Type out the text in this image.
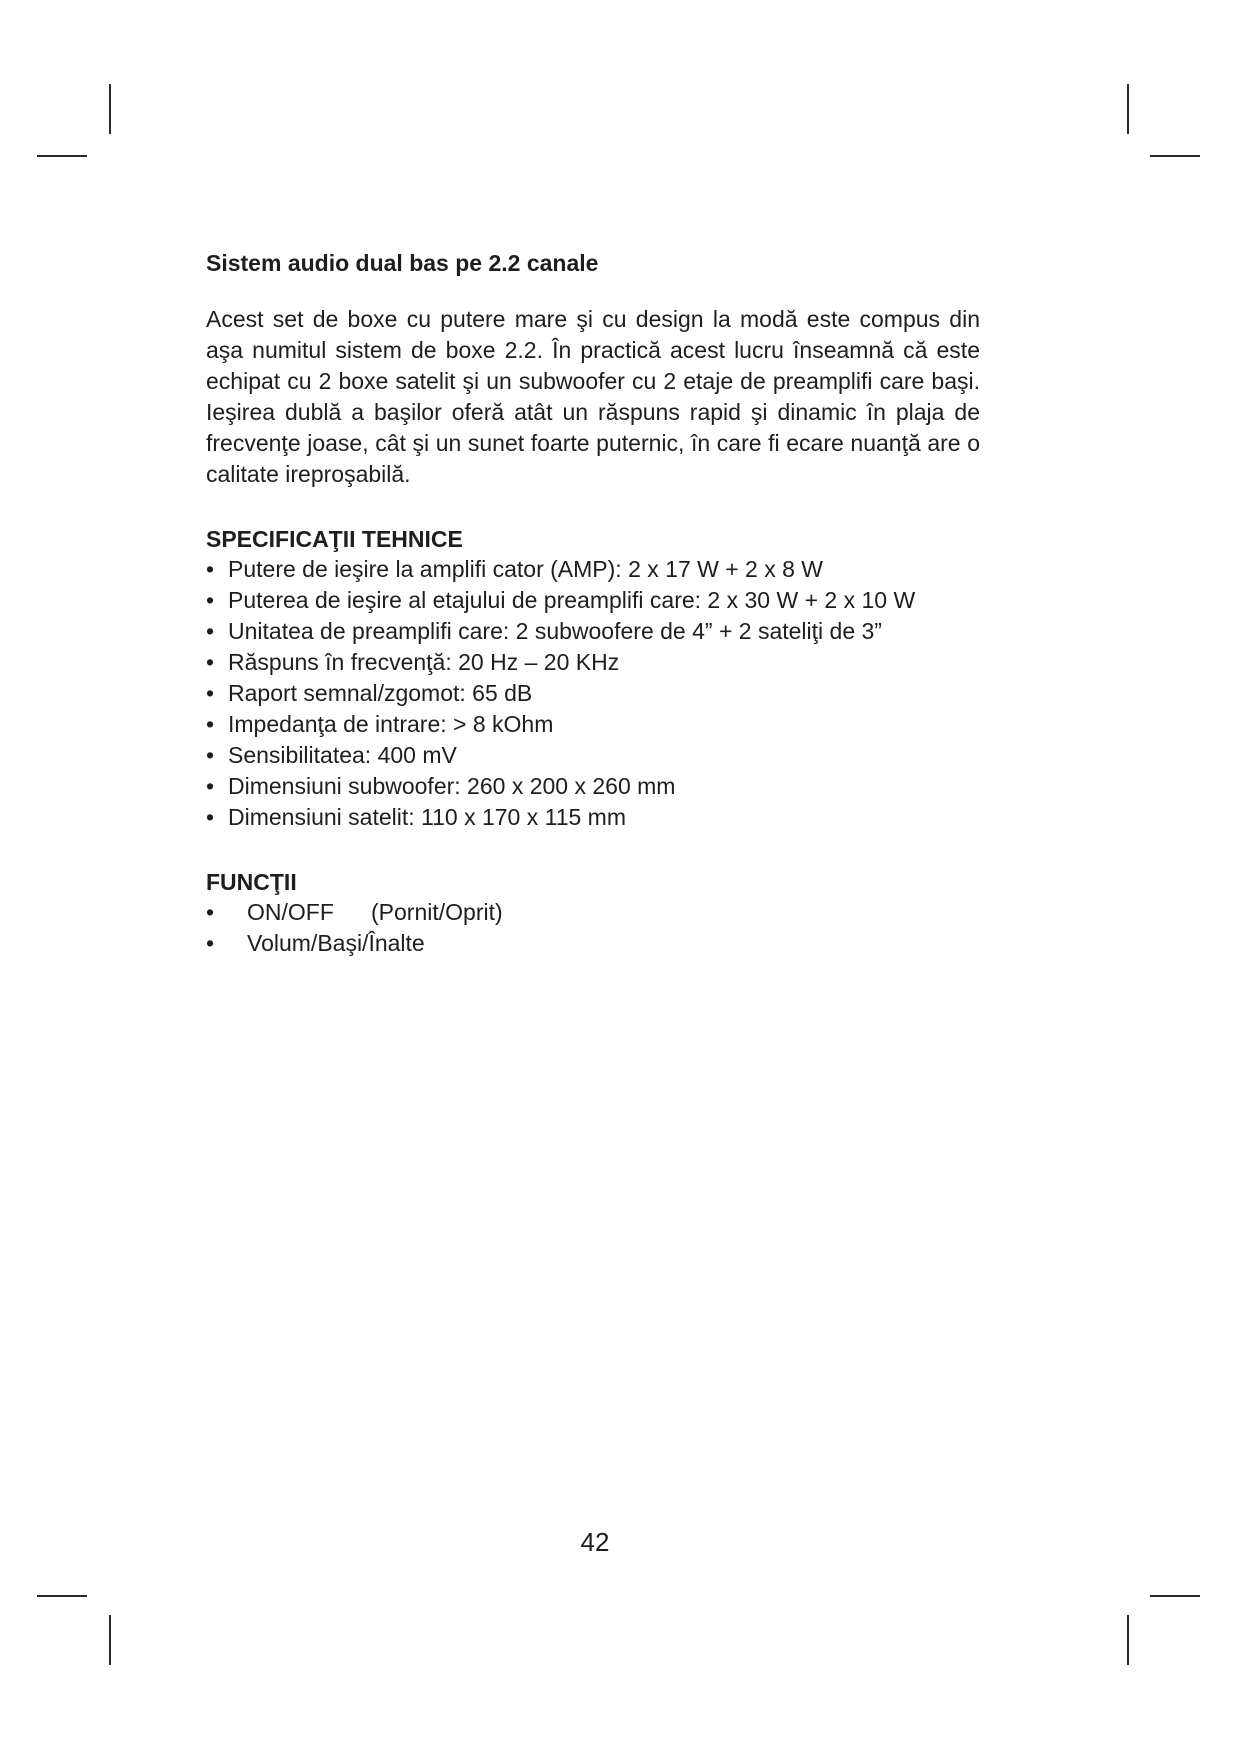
Sistem audio dual bas pe 2.2 canale

Acest set de boxe cu putere mare şi cu design la modă este compus din aşa numitul sistem de boxe 2.2. În practică acest lucru înseamnă că este echipat cu 2 boxe satelit şi un subwoofer cu 2 etaje de preamplifi care başi. Ieşirea dublă a başilor oferă atât un răspuns rapid şi dinamic în plaja de frecvenţe joase, cât şi un sunet foarte puternic, în care fi ecare nuanţă are o calitate ireproşabilă.

SPECIFICAŢII TEHNICE
• Putere de ieşire la amplifi cator (AMP): 2 x 17 W + 2 x 8 W
• Puterea de ieşire al etajului de preamplifi care: 2 x 30 W + 2 x 10 W
• Unitatea de preamplifi care: 2 subwoofere de 4” + 2 sateliţi de 3”
• Răspuns în frecvenţă: 20 Hz – 20 KHz
• Raport semnal/zgomot: 65 dB
• Impedanţa de intrare: > 8 kOhm
• Sensibilitatea: 400 mV
• Dimensiuni subwoofer: 260 x 200 x 260 mm
• Dimensiuni satelit: 110 x 170 x 115 mm
FUNCŢII
• ON/OFF (Pornit/Oprit)
• Volum/Başi/Înalte
42
